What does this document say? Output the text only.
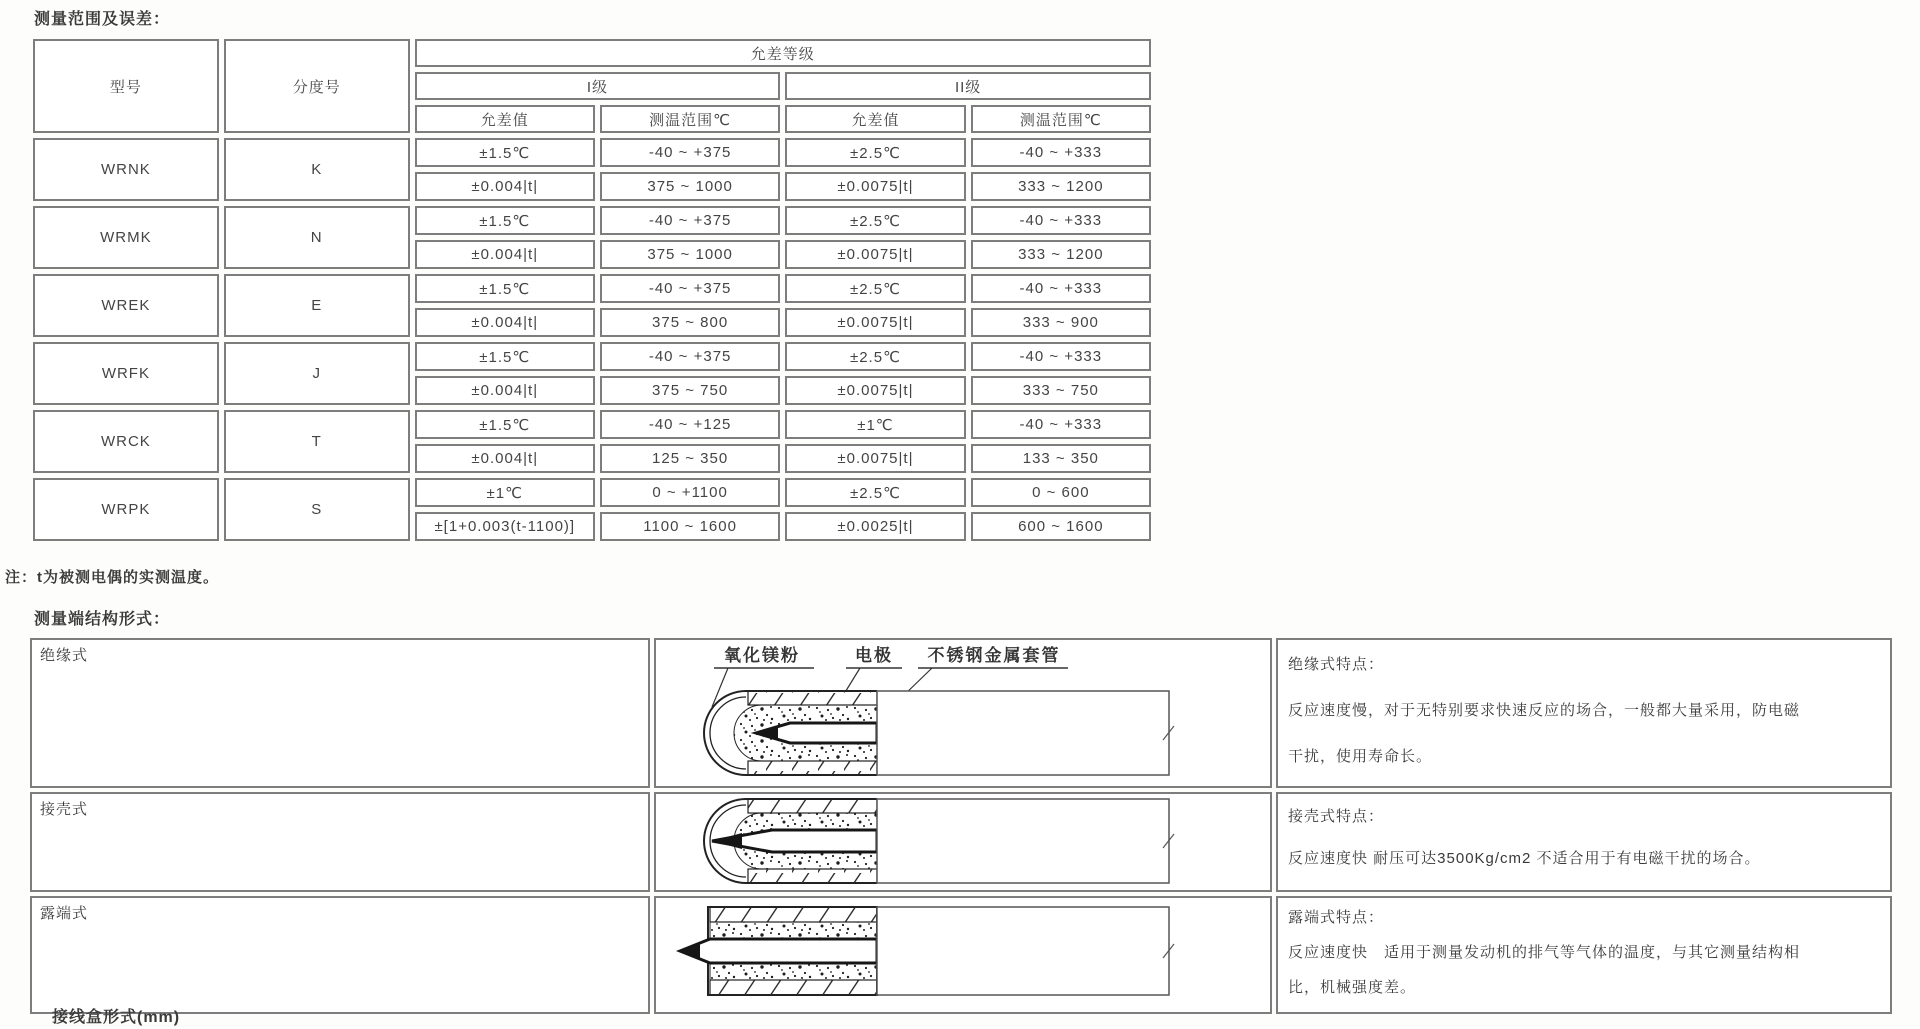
测量范围及误差：
型号	分度号	允差等级			
		I级		II级	
		允差值	测温范围℃	允差值	测温范围℃
WRNK	K	±1.5℃	-40 ~ +375	±2.5℃	-40 ~ +333
		±0.004|t|	375 ~ 1000	±0.0075|t|	333 ~ 1200
WRMK	N	±1.5℃	-40 ~ +375	±2.5℃	-40 ~ +333
		±0.004|t|	375 ~ 1000	±0.0075|t|	333 ~ 1200
WREK	E	±1.5℃	-40 ~ +375	±2.5℃	-40 ~ +333
		±0.004|t|	375 ~ 800	±0.0075|t|	333 ~ 900
WRFK	J	±1.5℃	-40 ~ +375	±2.5℃	-40 ~ +333
		±0.004|t|	375 ~ 750	±0.0075|t|	333 ~ 750
WRCK	T	±1.5℃	-40 ~ +125	±1℃	-40 ~ +333
		±0.004|t|	125 ~ 350	±0.0075|t|	133 ~ 350
WRPK	S	±1℃	0 ~ +1100	±2.5℃	0 ~ 600
		±[1+0.003(t-1100)]	1100 ~ 1600	±0.0025|t|	600 ~ 1600
注：t为被测电偶的实测温度。
测量端结构形式：
绝缘式	氧化镁粉	电极 不锈钢金属套管	绝缘式特点：
反应速度慢，对于无特别要求快速反应的场合，一般都大量采用，防电磁
干扰，使用寿命长。

接壳式		接壳式特点：
反应速度快 耐压可达3500Kg/cm2 不适合用于有电磁干扰的场合。

露端式		露端式特点：
反应速度快　适用于测量发动机的排气等气体的温度，与其它测量结构相
比，机械强度差。
接线盒形式(mm)
